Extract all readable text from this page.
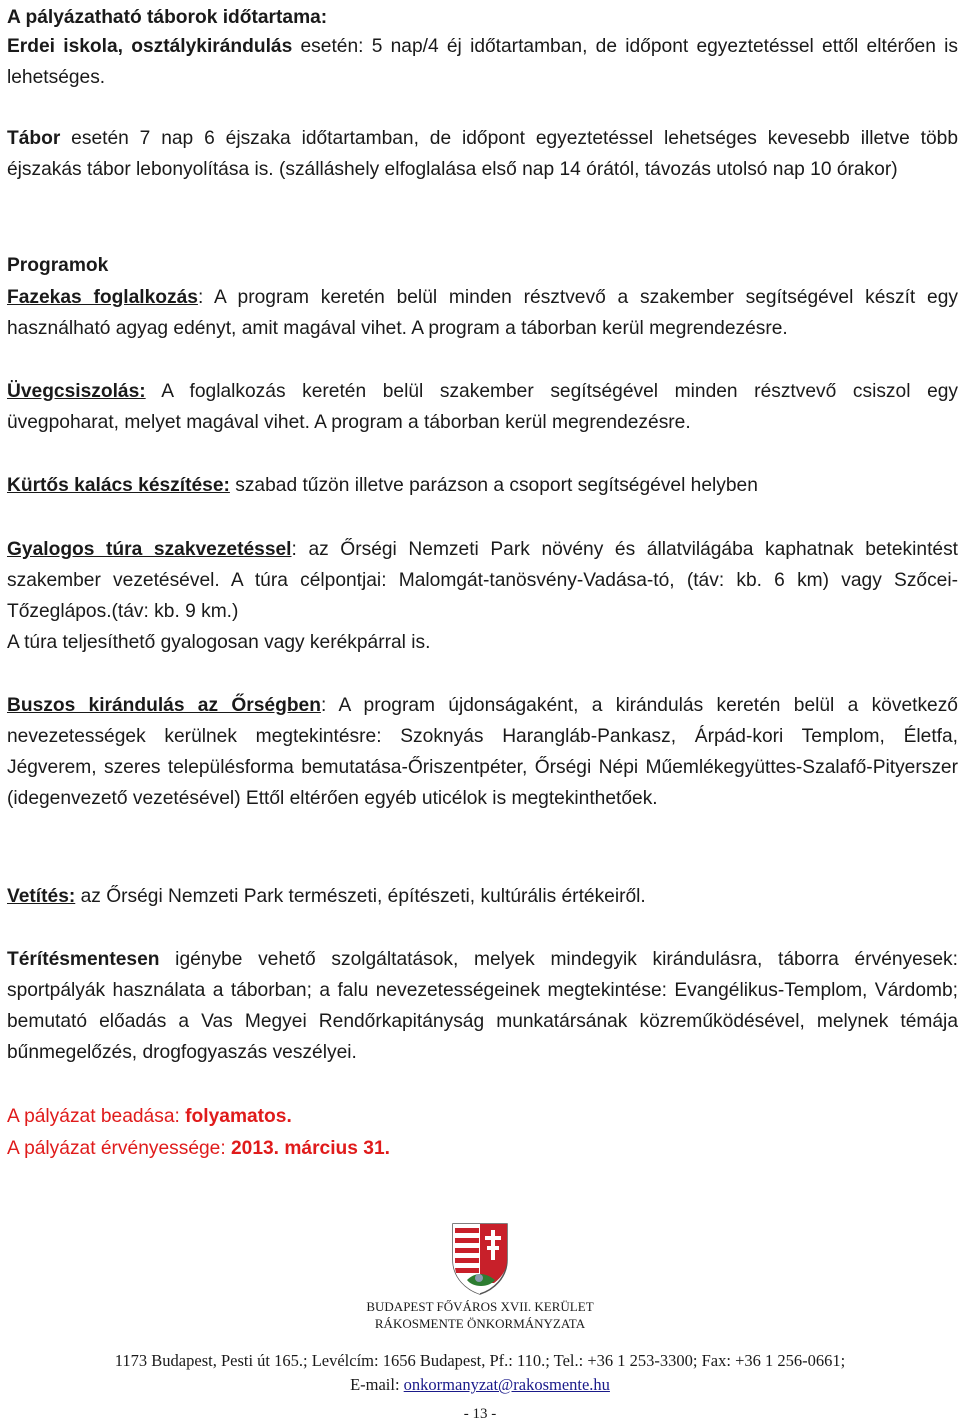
A pályázatható táborok időtartama:

Erdei iskola, osztálykirándulás esetén: 5 nap/4 éj időtartamban, de időpont egyeztetéssel ettől eltérően is lehetséges.

Tábor esetén 7 nap 6 éjszaka időtartamban, de időpont egyeztetéssel lehetséges kevesebb illetve több éjszakás tábor lebonyolítása is. (szálláshely elfoglalása első nap 14 órától, távozás utolsó nap 10 órakor)

Programok

Fazekas foglalkozás: A program keretén belül minden résztvevő a szakember segítségével készít egy használható agyag edényt, amit magával vihet. A program a táborban kerül megrendezésre.

Üvegcsiszolás: A foglalkozás keretén belül szakember segítségével minden résztvevő csiszol egy üvegpoharat, melyet magával vihet. A program a táborban kerül megrendezésre.

Kürtős kalács készítése: szabad tűzön illetve parázson a csoport segítségével helyben

Gyalogos túra szakvezetéssel: az Őrségi Nemzeti Park növény és állatvilágába kaphatnak betekintést szakember vezetésével. A túra célpontjai: Malomgát-tanösvény-Vadása-tó, (táv: kb. 6 km) vagy Szőcei-Tőzeglápos.(táv: kb. 9 km.)

A túra teljesíthető gyalogosan vagy kerékpárral is.

Buszos kirándulás az Őrségben: A program újdonságaként, a kirándulás keretén belül a következő nevezetességek kerülnek megtekintésre: Szoknyás Harangláb-Pankasz, Árpád-kori Templom, Életfa, Jégverem, szeres településforma bemutatása-Őriszentpéter, Őrségi Népi Műemlékegyüttes-Szalafő-Pityerszer (idegenvezető vezetésével) Ettől eltérően egyéb uticélok is megtekinthetőek.

Vetítés: az Őrségi Nemzeti Park természeti, építészeti, kultúrális értékeiről.

Térítésmentesen igénybe vehető szolgáltatások, melyek mindegyik kirándulásra, táborra érvényesek: sportpályák használata a táborban; a falu nevezetességeinek megtekintése: Evangélikus-Templom, Várdomb; bemutató előadás a Vas Megyei Rendőrkapitányság munkatársának közreműködésével, melynek témája bűnmegelőzés, drogfogyaszás veszélyei.

A pályázat beadása: folyamatos.

A pályázat érvényessége: 2013. március 31.

BUDAPEST FŐVÁROS XVII. KERÜLET
RÁKOSMENTE ÖNKORMÁNYZATA
1173 Budapest, Pesti út 165.; Levélcím: 1656 Budapest, Pf.: 110.; Tel.: +36 1 253-3300; Fax: +36 1 256-0661;
E-mail: onkormanyzat@rakosmente.hu
- 13 -
